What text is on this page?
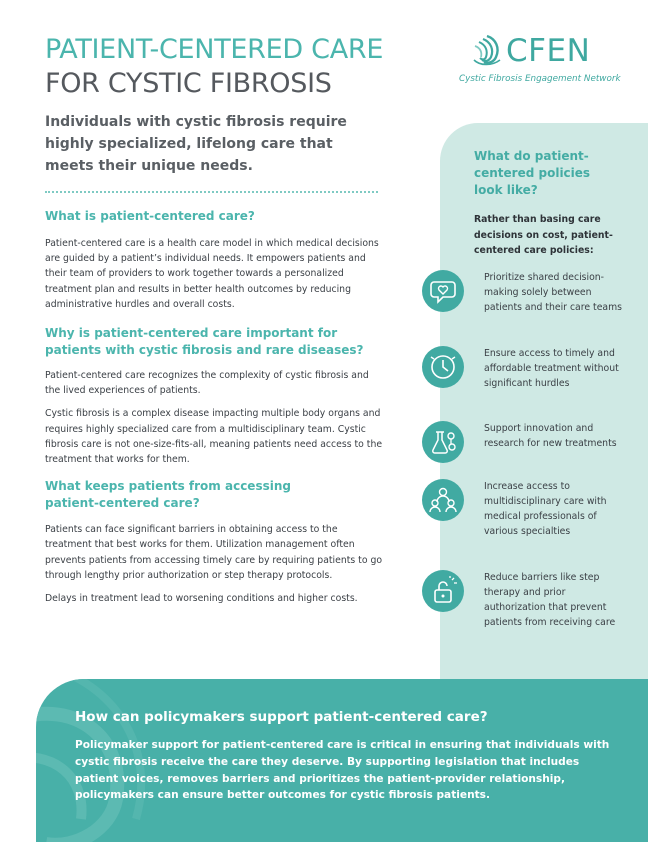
PATIENT-CENTERED CARE
FOR CYSTIC FIBROSIS
CFEN
Cystic Fibrosis Engagement Network
Individuals with cystic fibrosis require highly specialized, lifelong care that meets their unique needs.
What is patient-centered care?
Patient-centered care is a health care model in which medical decisions are guided by a patient’s individual needs. It empowers patients and their team of providers to work together towards a personalized treatment plan and results in better health outcomes by reducing administrative hurdles and overall costs.
Why is patient-centered care important for patients with cystic fibrosis and rare diseases?
Patient-centered care recognizes the complexity of cystic fibrosis and the lived experiences of patients.
Cystic fibrosis is a complex disease impacting multiple body organs and requires highly specialized care from a multidisciplinary team. Cystic fibrosis care is not one-size-fits-all, meaning patients need access to the treatment that works for them.
What keeps patients from accessing patient-centered care?
Patients can face significant barriers in obtaining access to the treatment that best works for them. Utilization management often prevents patients from accessing timely care by requiring patients to go through lengthy prior authorization or step therapy protocols.
Delays in treatment lead to worsening conditions and higher costs.
What do patient-centered policies look like?
Rather than basing care decisions on cost, patient-centered care policies:
Prioritize shared decision-making solely between patients and their care teams
Ensure access to timely and affordable treatment without significant hurdles
Support innovation and research for new treatments
Increase access to multidisciplinary care with medical professionals of various specialties
Reduce barriers like step therapy and prior authorization that prevent patients from receiving care
How can policymakers support patient-centered care?
Policymaker support for patient-centered care is critical in ensuring that individuals with cystic fibrosis receive the care they deserve. By supporting legislation that includes patient voices, removes barriers and prioritizes the patient-provider relationship, policymakers can ensure better outcomes for cystic fibrosis patients.
